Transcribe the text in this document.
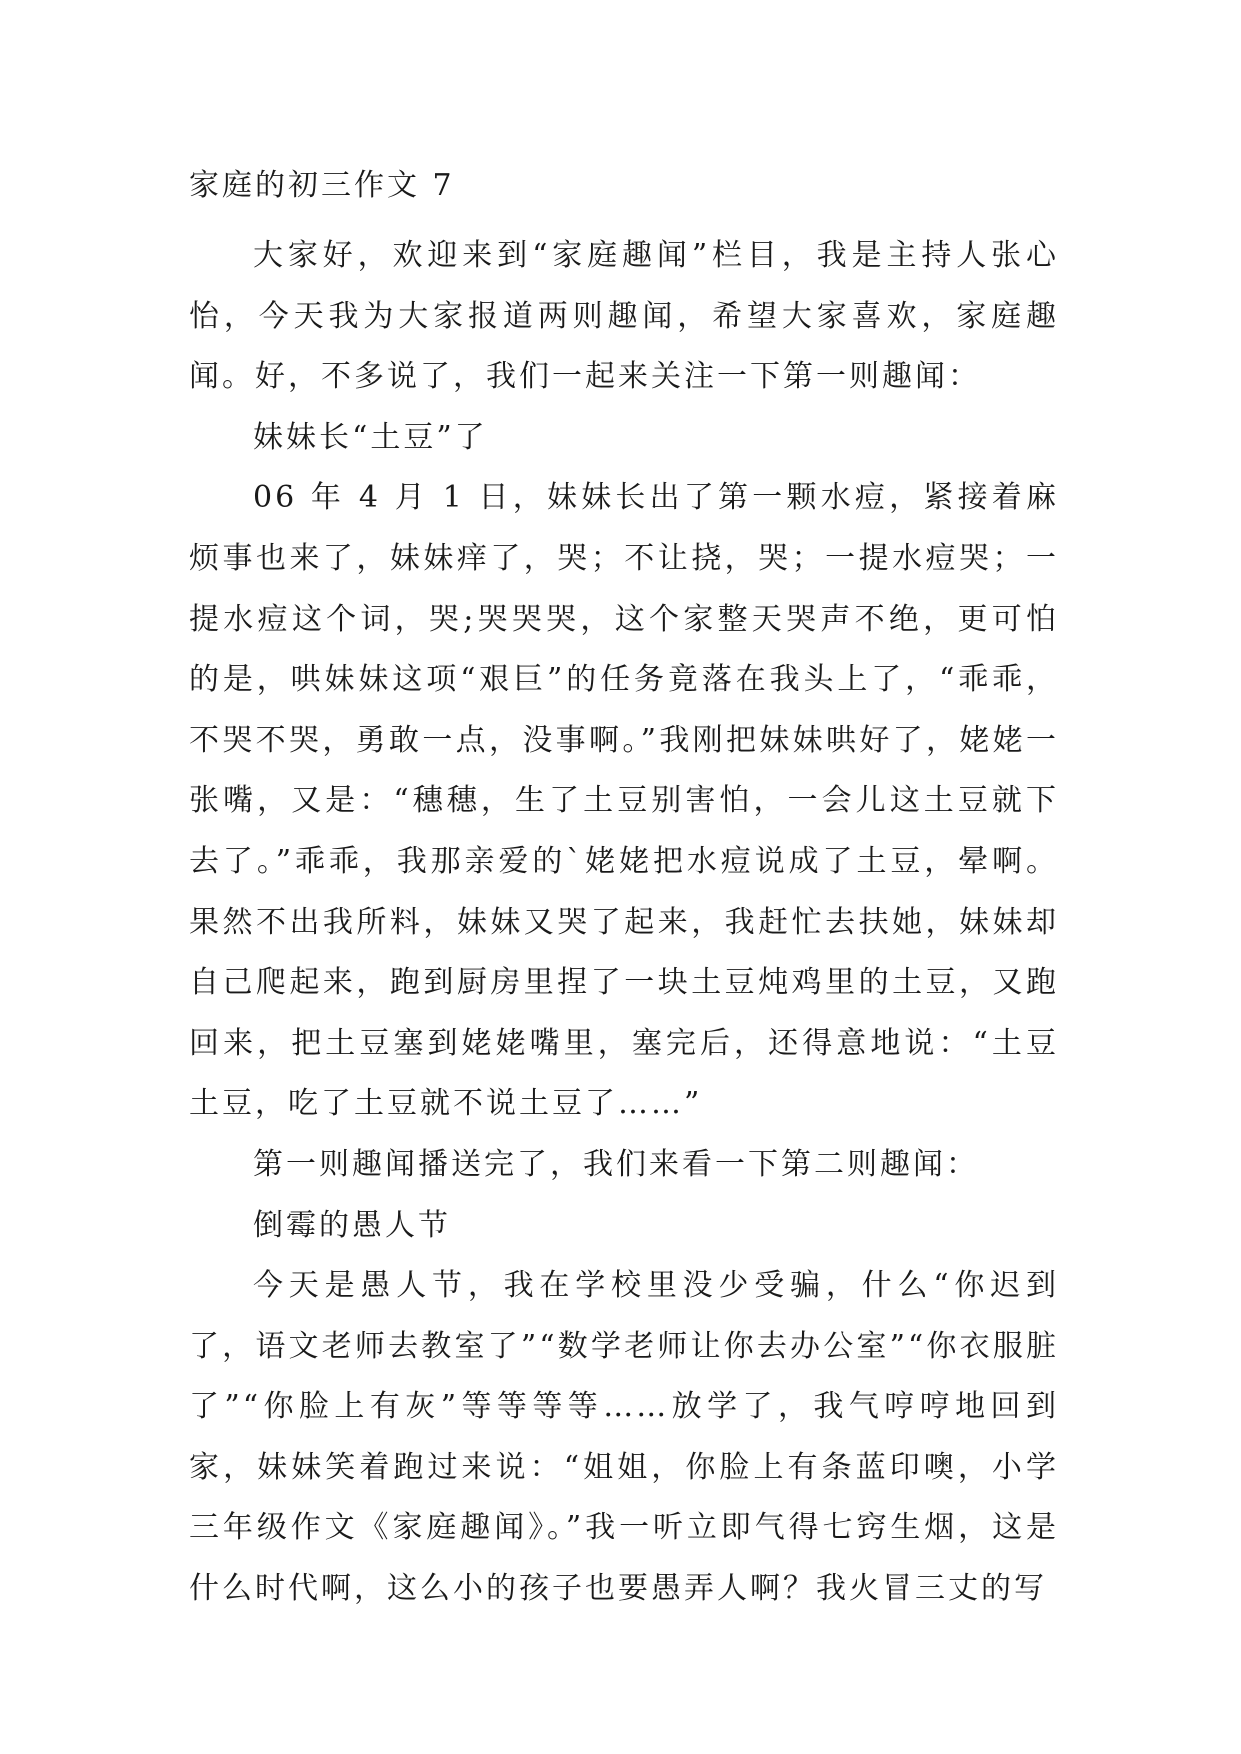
家庭的初三作文 7

大家好，欢迎来到“家庭趣闻”栏目，我是主持人张心怡，今天我为大家报道两则趣闻，希望大家喜欢，家庭趣闻。好，不多说了，我们一起来关注一下第一则趣闻：

妹妹长“土豆”了

06 年 4 月 1 日，妹妹长出了第一颗水痘，紧接着麻烦事也来了，妹妹痒了，哭；不让挠，哭；一提水痘哭；一提水痘这个词，哭;哭哭哭，这个家整天哭声不绝，更可怕的是，哄妹妹这项“艰巨”的任务竟落在我头上了，“乖乖，不哭不哭，勇敢一点，没事啊。”我刚把妹妹哄好了，姥姥一张嘴，又是：“穗穗，生了土豆别害怕，一会儿这土豆就下去了。”乖乖，我那亲爱的`姥姥把水痘说成了土豆，晕啊。果然不出我所料，妹妹又哭了起来，我赶忙去扶她，妹妹却自己爬起来，跑到厨房里捏了一块土豆炖鸡里的土豆，又跑回来，把土豆塞到姥姥嘴里，塞完后，还得意地说：“土豆土豆，吃了土豆就不说土豆了……”

第一则趣闻播送完了，我们来看一下第二则趣闻：

倒霉的愚人节

今天是愚人节，我在学校里没少受骗，什么“你迟到了，语文老师去教室了”“数学老师让你去办公室”“你衣服脏了”“你脸上有灰”等等等等……放学了，我气哼哼地回到家，妹妹笑着跑过来说：“姐姐，你脸上有条蓝印噢，小学三年级作文《家庭趣闻》。”我一听立即气得七窍生烟，这是什么时代啊，这么小的孩子也要愚弄人啊？我火冒三丈的写
